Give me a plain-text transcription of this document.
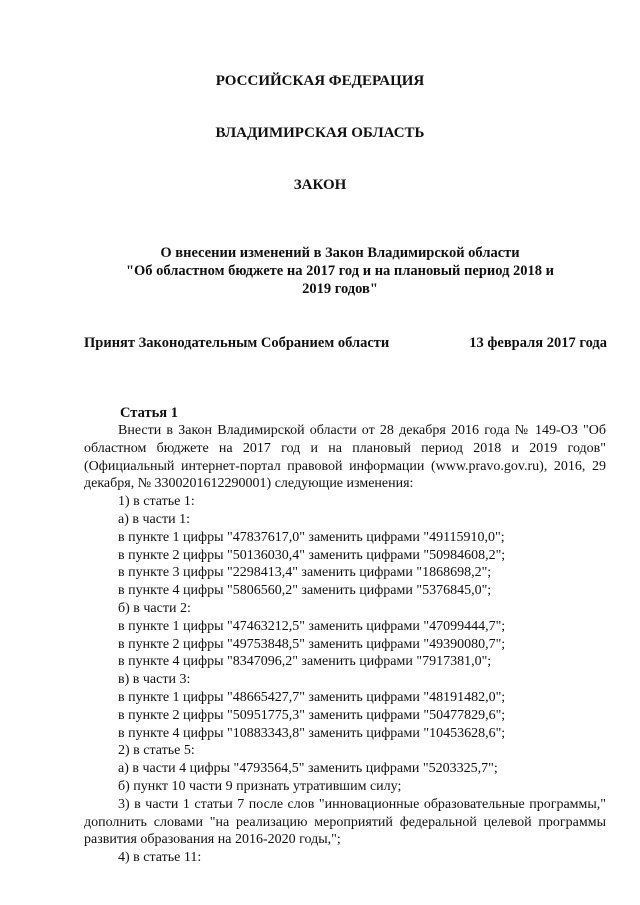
РОССИЙСКАЯ ФЕДЕРАЦИЯ
ВЛАДИМИРСКАЯ ОБЛАСТЬ
ЗАКОН
О внесении изменений в Закон Владимирской области
"Об областном бюджете на 2017 год и на плановый период 2018 и
2019 годов"
Принят Законодательным Собранием области	13 февраля 2017 года
Статья 1

Внести в Закон Владимирской области от 28 декабря 2016 года № 149-ОЗ "Об областном бюджете на 2017 год и на плановый период 2018 и 2019 годов" (Официальный интернет-портал правовой информации (www.pravo.gov.ru), 2016, 29 декабря, № 3300201612290001) следующие изменения:

1) в статье 1:

а) в части 1:

в пункте 1 цифры "47837617,0" заменить цифрами "49115910,0";

в пункте 2 цифры "50136030,4" заменить цифрами "50984608,2";

в пункте 3 цифры "2298413,4" заменить цифрами "1868698,2";

в пункте 4 цифры "5806560,2" заменить цифрами "5376845,0";

б) в части 2:

в пункте 1 цифры "47463212,5" заменить цифрами "47099444,7";

в пункте 2 цифры "49753848,5" заменить цифрами "49390080,7";

в пункте 4 цифры "8347096,2" заменить цифрами "7917381,0";

в) в части 3:

в пункте 1 цифры "48665427,7" заменить цифрами "48191482,0";

в пункте 2 цифры "50951775,3" заменить цифрами "50477829,6";

в пункте 4 цифры "10883343,8" заменить цифрами "10453628,6";

2) в статье 5:

а) в части 4 цифры "4793564,5" заменить цифрами "5203325,7";

б) пункт 10 части 9 признать утратившим силу;

3) в части 1 статьи 7 после слов "инновационные образовательные программы," дополнить словами "на реализацию мероприятий федеральной целевой программы развития образования на 2016-2020 годы,";

4) в статье 11:
